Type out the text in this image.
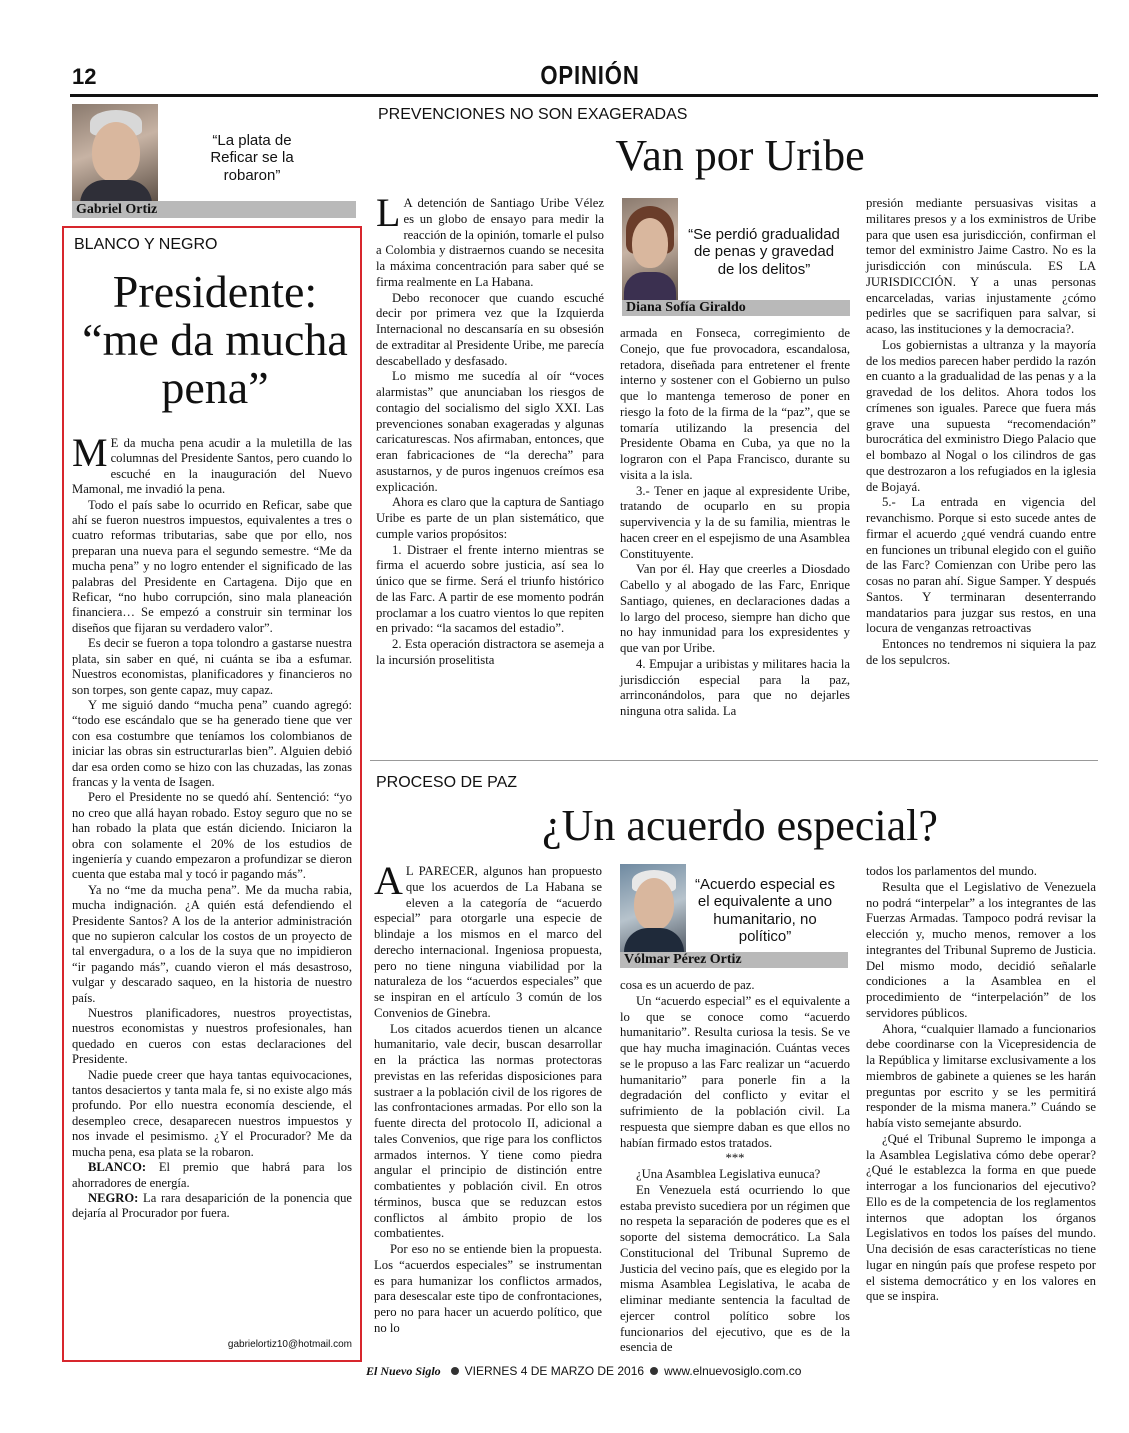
12	OPINIÓN
Gabriel Ortiz
“La plata de Reficar se la robaron”
BLANCO Y NEGRO
Presidente: “me da mucha pena”

M E da mucha pena acudir a la muletilla de las columnas del Presidente Santos, pero cuando lo escuché en la inauguración del Nuevo Mamonal, me invadió la pena.

Todo el país sabe lo ocurrido en Reficar, sabe que ahí se fueron nuestros impuestos, equivalentes a tres o cuatro reformas tributarias, sabe que por ello, nos preparan una nueva para el segundo semestre. “Me da mucha pena” y no logro entender el significado de las palabras del Presidente en Cartagena. Dijo que en Reficar, “no hubo corrupción, sino mala planeación financiera… Se empezó a construir sin terminar los diseños que fijaran su verdadero valor”.

Es decir se fueron a topa tolondro a gastarse nuestra plata, sin saber en qué, ni cuánta se iba a esfumar. Nuestros economistas, planificadores y financieros no son torpes, son gente capaz, muy capaz.

Y me siguió dando “mucha pena” cuando agregó: “todo ese escándalo que se ha generado tiene que ver con esa costumbre que teníamos los colombianos de iniciar las obras sin estructurarlas bien”. Alguien debió dar esa orden como se hizo con las chuzadas, las zonas francas y la venta de Isagen.

Pero el Presidente no se quedó ahí. Sentenció: “yo no creo que allá hayan robado. Estoy seguro que no se han robado la plata que están diciendo. Iniciaron la obra con solamente el 20% de los estudios de ingeniería y cuando empezaron a profundizar se dieron cuenta que estaba mal y tocó ir pagando más”.

Ya no “me da mucha pena”. Me da mucha rabia, mucha indignación. ¿A quién está defendiendo el Presidente Santos? A los de la anterior administración que no supieron calcular los costos de un proyecto de tal envergadura, o a los de la suya que no impidieron “ir pagando más”, cuando vieron el más desastroso, vulgar y descarado saqueo, en la historia de nuestro país.

Nuestros planificadores, nuestros proyectistas, nuestros economistas y nuestros profesionales, han quedado en cueros con estas declaraciones del Presidente.

Nadie puede creer que haya tantas equivocaciones, tantos desaciertos y tanta mala fe, si no existe algo más profundo. Por ello nuestra economía desciende, el desempleo crece, desaparecen nuestros impuestos y nos invade el pesimismo. ¿Y el Procurador? Me da mucha pena, esa plata se la robaron.

BLANCO: El premio que habrá para los ahorradores de energía.

NEGRO: La rara desaparición de la ponencia que dejaría al Procurador por fuera.

gabrielortiz10@hotmail.com
PREVENCIONES NO SON EXAGERADAS
Van por Uribe

L A detención de Santiago Uribe Vélez es un globo de ensayo para medir la reacción de la opinión, tomarle el pulso a Colombia y distraernos cuando se necesita la máxima concentración para saber qué se firma realmente en La Habana.

Debo reconocer que cuando escuché decir por primera vez que la Izquierda Internacional no descansaría en su obsesión de extraditar al Presidente Uribe, me parecía descabellado y desfasado.

Lo mismo me sucedía al oír “voces alarmistas” que anunciaban los riesgos de contagio del socialismo del siglo XXI. Las prevenciones sonaban exageradas y algunas caricaturescas. Nos afirmaban, entonces, que eran fabricaciones de “la derecha” para asustarnos, y de puros ingenuos creímos esa explicación.

Ahora es claro que la captura de Santiago Uribe es parte de un plan sistemático, que cumple varios propósitos:

1. Distraer el frente interno mientras se firma el acuerdo sobre justicia, así sea lo único que se firme. Será el triunfo histórico de las Farc. A partir de ese momento podrán proclamar a los cuatro vientos lo que repiten en privado: “la sacamos del estadio”.

2. Esta operación distractora se asemeja a la incursión proselitista

“Se perdió gradualidad de penas y gravedad de los delitos”
Diana Sofía Giraldo

armada en Fonseca, corregimiento de Conejo, que fue provocadora, escandalosa, retadora, diseñada para entretener el frente interno y sostener con el Gobierno un pulso que lo mantenga temeroso de poner en riesgo la foto de la firma de la “paz”, que se tomaría utilizando la presencia del Presidente Obama en Cuba, ya que no la lograron con el Papa Francisco, durante su visita a la isla.

3.- Tener en jaque al expresidente Uribe, tratando de ocuparlo en su propia supervivencia y la de su familia, mientras le hacen creer en el espejismo de una Asamblea Constituyente.

Van por él. Hay que creerles a Diosdado Cabello y al abogado de las Farc, Enrique Santiago, quienes, en declaraciones dadas a lo largo del proceso, siempre han dicho que no hay inmunidad para los expresidentes y que van por Uribe.

4. Empujar a uribistas y militares hacia la jurisdicción especial para la paz, arrinconándolos, para que no dejarles ninguna otra salida. La

presión mediante persuasivas visitas a militares presos y a los exministros de Uribe para que usen esa jurisdicción, confirman el temor del exministro Jaime Castro. No es la jurisdicción con minúscula. ES LA JURISDICCIÓN. Y a unas personas encarceladas, varias injustamente ¿cómo pedirles que se sacrifiquen para salvar, si acaso, las instituciones y la democracia?.

Los gobiernistas a ultranza y la mayoría de los medios parecen haber perdido la razón en cuanto a la gradualidad de las penas y a la gravedad de los delitos. Ahora todos los crímenes son iguales. Parece que fuera más grave una supuesta “recomendación” burocrática del exministro Diego Palacio que el bombazo al Nogal o los cilindros de gas que destrozaron a los refugiados en la iglesia de Bojayá.

5.- La entrada en vigencia del revanchismo. Porque si esto sucede antes de firmar el acuerdo ¿qué vendrá cuando entre en funciones un tribunal elegido con el guiño de las Farc? Comienzan con Uribe pero las cosas no paran ahí. Sigue Samper. Y después Santos. Y terminaran desenterrando mandatarios para juzgar sus restos, en una locura de venganzas retroactivas

Entonces no tendremos ni siquiera la paz de los sepulcros.

PROCESO DE PAZ
¿Un acuerdo especial?

A L PARECER, algunos han propuesto que los acuerdos de La Habana se eleven a la categoría de “acuerdo especial” para otorgarle una especie de blindaje a los mismos en el marco del derecho internacional. Ingeniosa propuesta, pero no tiene ninguna viabilidad por la naturaleza de los “acuerdos especiales” que se inspiran en el artículo 3 común de los Convenios de Ginebra.

Los citados acuerdos tienen un alcance humanitario, vale decir, buscan desarrollar en la práctica las normas protectoras previstas en las referidas disposiciones para sustraer a la población civil de los rigores de las confrontaciones armadas. Por ello son la fuente directa del protocolo II, adicional a tales Convenios, que rige para los conflictos armados internos. Y tiene como piedra angular el principio de distinción entre combatientes y población civil. En otros términos, busca que se reduzcan estos conflictos al ámbito propio de los combatientes.

Por eso no se entiende bien la propuesta. Los “acuerdos especiales” se instrumentan es para humanizar los conflictos armados, para desescalar este tipo de confrontaciones, pero no para hacer un acuerdo político, que no lo

“Acuerdo especial es el equivalente a uno humanitario, no político”
Vólmar Pérez Ortiz

cosa es un acuerdo de paz.

Un “acuerdo especial” es el equivalente a lo que se conoce como “acuerdo humanitario”. Resulta curiosa la tesis. Se ve que hay mucha imaginación. Cuántas veces se le propuso a las Farc realizar un “acuerdo humanitario” para ponerle fin a la degradación del conflicto y evitar el sufrimiento de la población civil. La respuesta que siempre daban es que ellos no habían firmado estos tratados.

***

¿Una Asamblea Legislativa eunuca?

En Venezuela está ocurriendo lo que estaba previsto sucediera por un régimen que no respeta la separación de poderes que es el soporte del sistema democrático. La Sala Constitucional del Tribunal Supremo de Justicia del vecino país, que es elegido por la misma Asamblea Legislativa, le acaba de eliminar mediante sentencia la facultad de ejercer control político sobre los funcionarios del ejecutivo, que es de la esencia de

todos los parlamentos del mundo.

Resulta que el Legislativo de Venezuela no podrá “interpelar” a los integrantes de las Fuerzas Armadas. Tampoco podrá revisar la elección y, mucho menos, remover a los integrantes del Tribunal Supremo de Justicia. Del mismo modo, decidió señalarle condiciones a la Asamblea en el procedimiento de “interpelación” de los servidores públicos.

Ahora, “cualquier llamado a funcionarios debe coordinarse con la Vicepresidencia de la República y limitarse exclusivamente a los miembros de gabinete a quienes se les harán preguntas por escrito y se les permitirá responder de la misma manera.” Cuándo se había visto semejante absurdo.

¿Qué el Tribunal Supremo le imponga a la Asamblea Legislativa cómo debe operar? ¿Qué le establezca la forma en que puede interrogar a los funcionarios del ejecutivo? Ello es de la competencia de los reglamentos internos que adoptan los órganos Legislativos en todos los países del mundo. Una decisión de esas características no tiene lugar en ningún país que profese respeto por el sistema democrático y en los valores en que se inspira.

El Nuevo Siglo VIERNES 4 DE MARZO DE 2016 www.elnuevosiglo.com.co
